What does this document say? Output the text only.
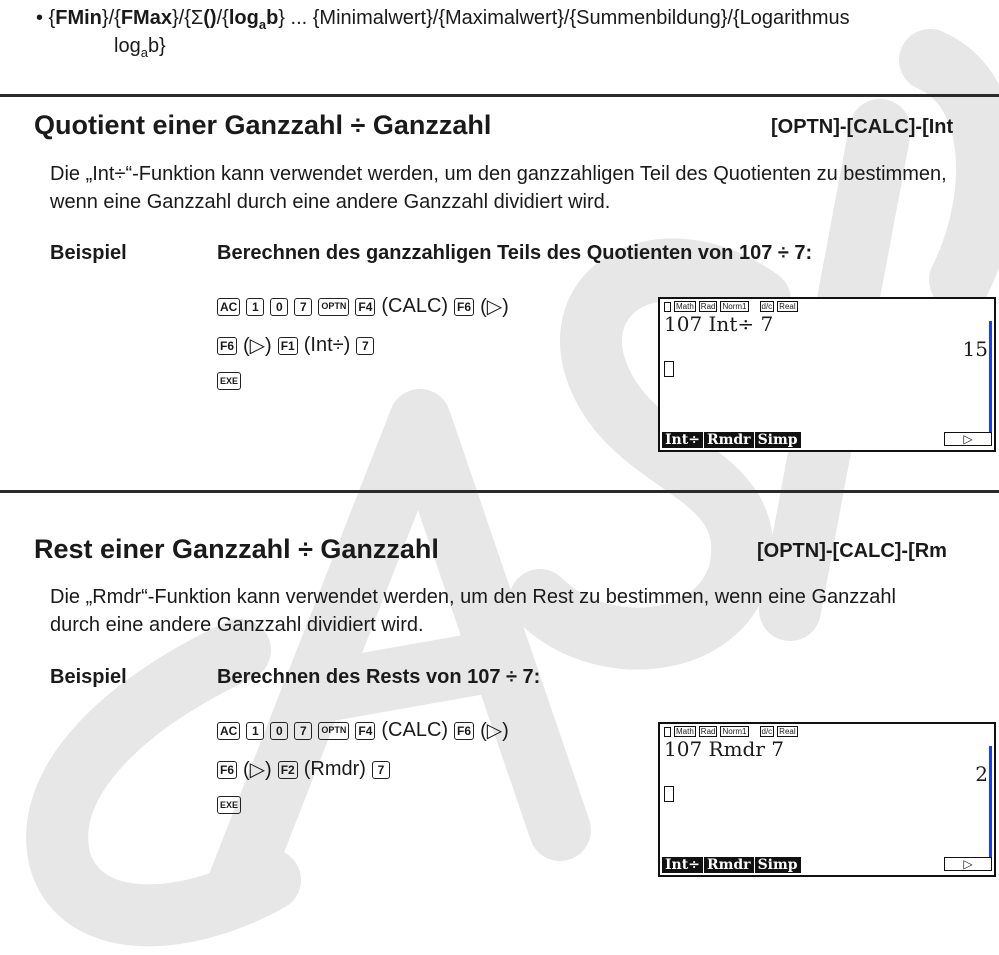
• $\{FMin\}/\{FMax\}/\{\Sigma()/\{\log_ab\}$ ... {Minimalwert}/{Maximalwert}/{Summenbildung}/{Logarithmus
$\log_ab$}
Quotient einer Ganzzahl ÷ Ganzzahl	[OPTN]-[CALC]-[Int
Die „Int÷“-Funktion kann verwendet werden, um den ganzzahligen Teil des Quotienten zu bestimmen, wenn eine Ganzzahl durch eine andere Ganzzahl dividiert wird.
Beispiel	Berechnen des ganzzahligen Teils des Quotienten von 107 ÷ 7:
AC	1	0	7	OPTN F4 (CALC) F6 (▷)
F6 (▷) F1 (Int÷) 7
EXE
Math Rad Norm1 d/c Real
107 Int÷ 7
15
Int÷ Rmdr Simp	▷
Rest einer Ganzzahl ÷ Ganzzahl	[OPTN]-[CALC]-[Rm
Die „Rmdr“-Funktion kann verwendet werden, um den Rest zu bestimmen, wenn eine Ganzzahl durch eine andere Ganzzahl dividiert wird.
Beispiel	Berechnen des Rests von 107 ÷ 7:
AC	1	0	7	OPTN F4 (CALC) F6 (▷)
F6 (▷) F2 (Rmdr) 7
EXE
Math Rad Norm1 d/c Real
107 Rmdr 7
2
Int÷ Rmdr Simp	▷
